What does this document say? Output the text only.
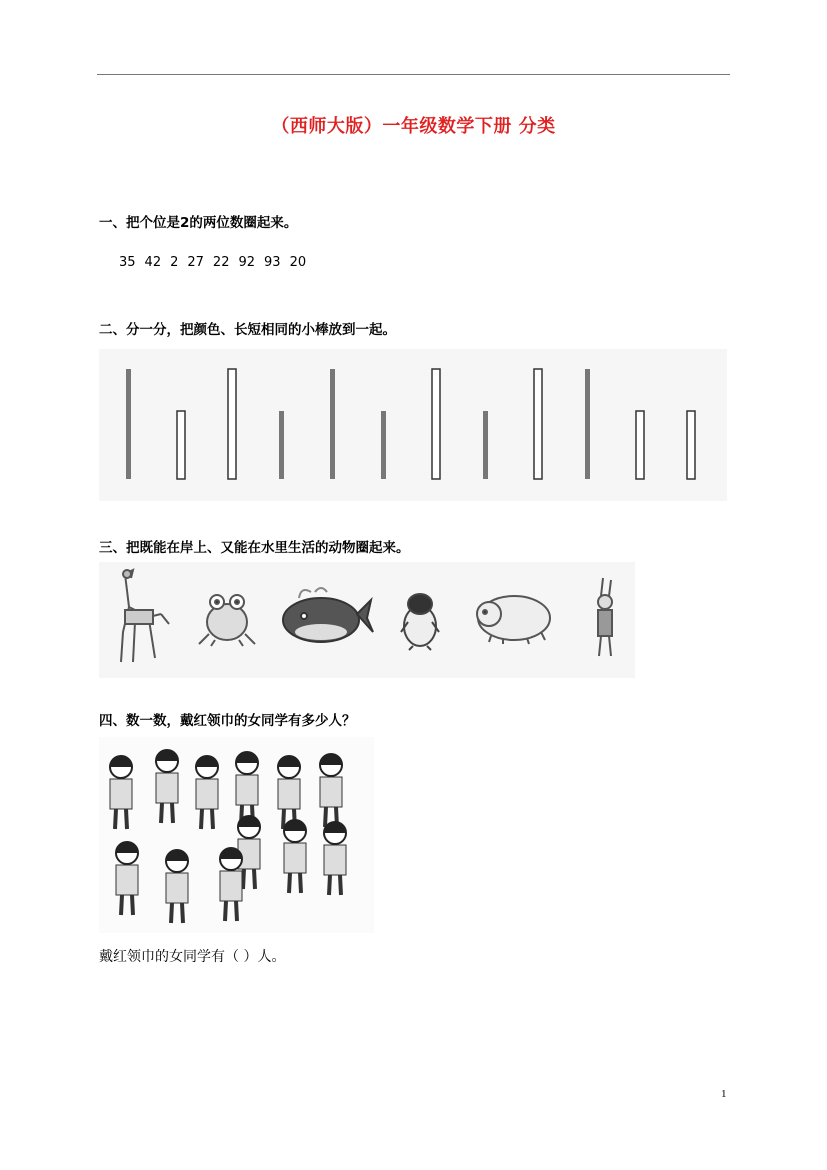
（西师大版）一年级数学下册 分类
一、把个位是2的两位数圈起来。
35 42 2 27 22 92 93 20
二、分一分，把颜色、长短相同的小棒放到一起。
三、把既能在岸上、又能在水里生活的动物圈起来。
四、数一数，戴红领巾的女同学有多少人？
戴红领巾的女同学有（ ）人。
1
